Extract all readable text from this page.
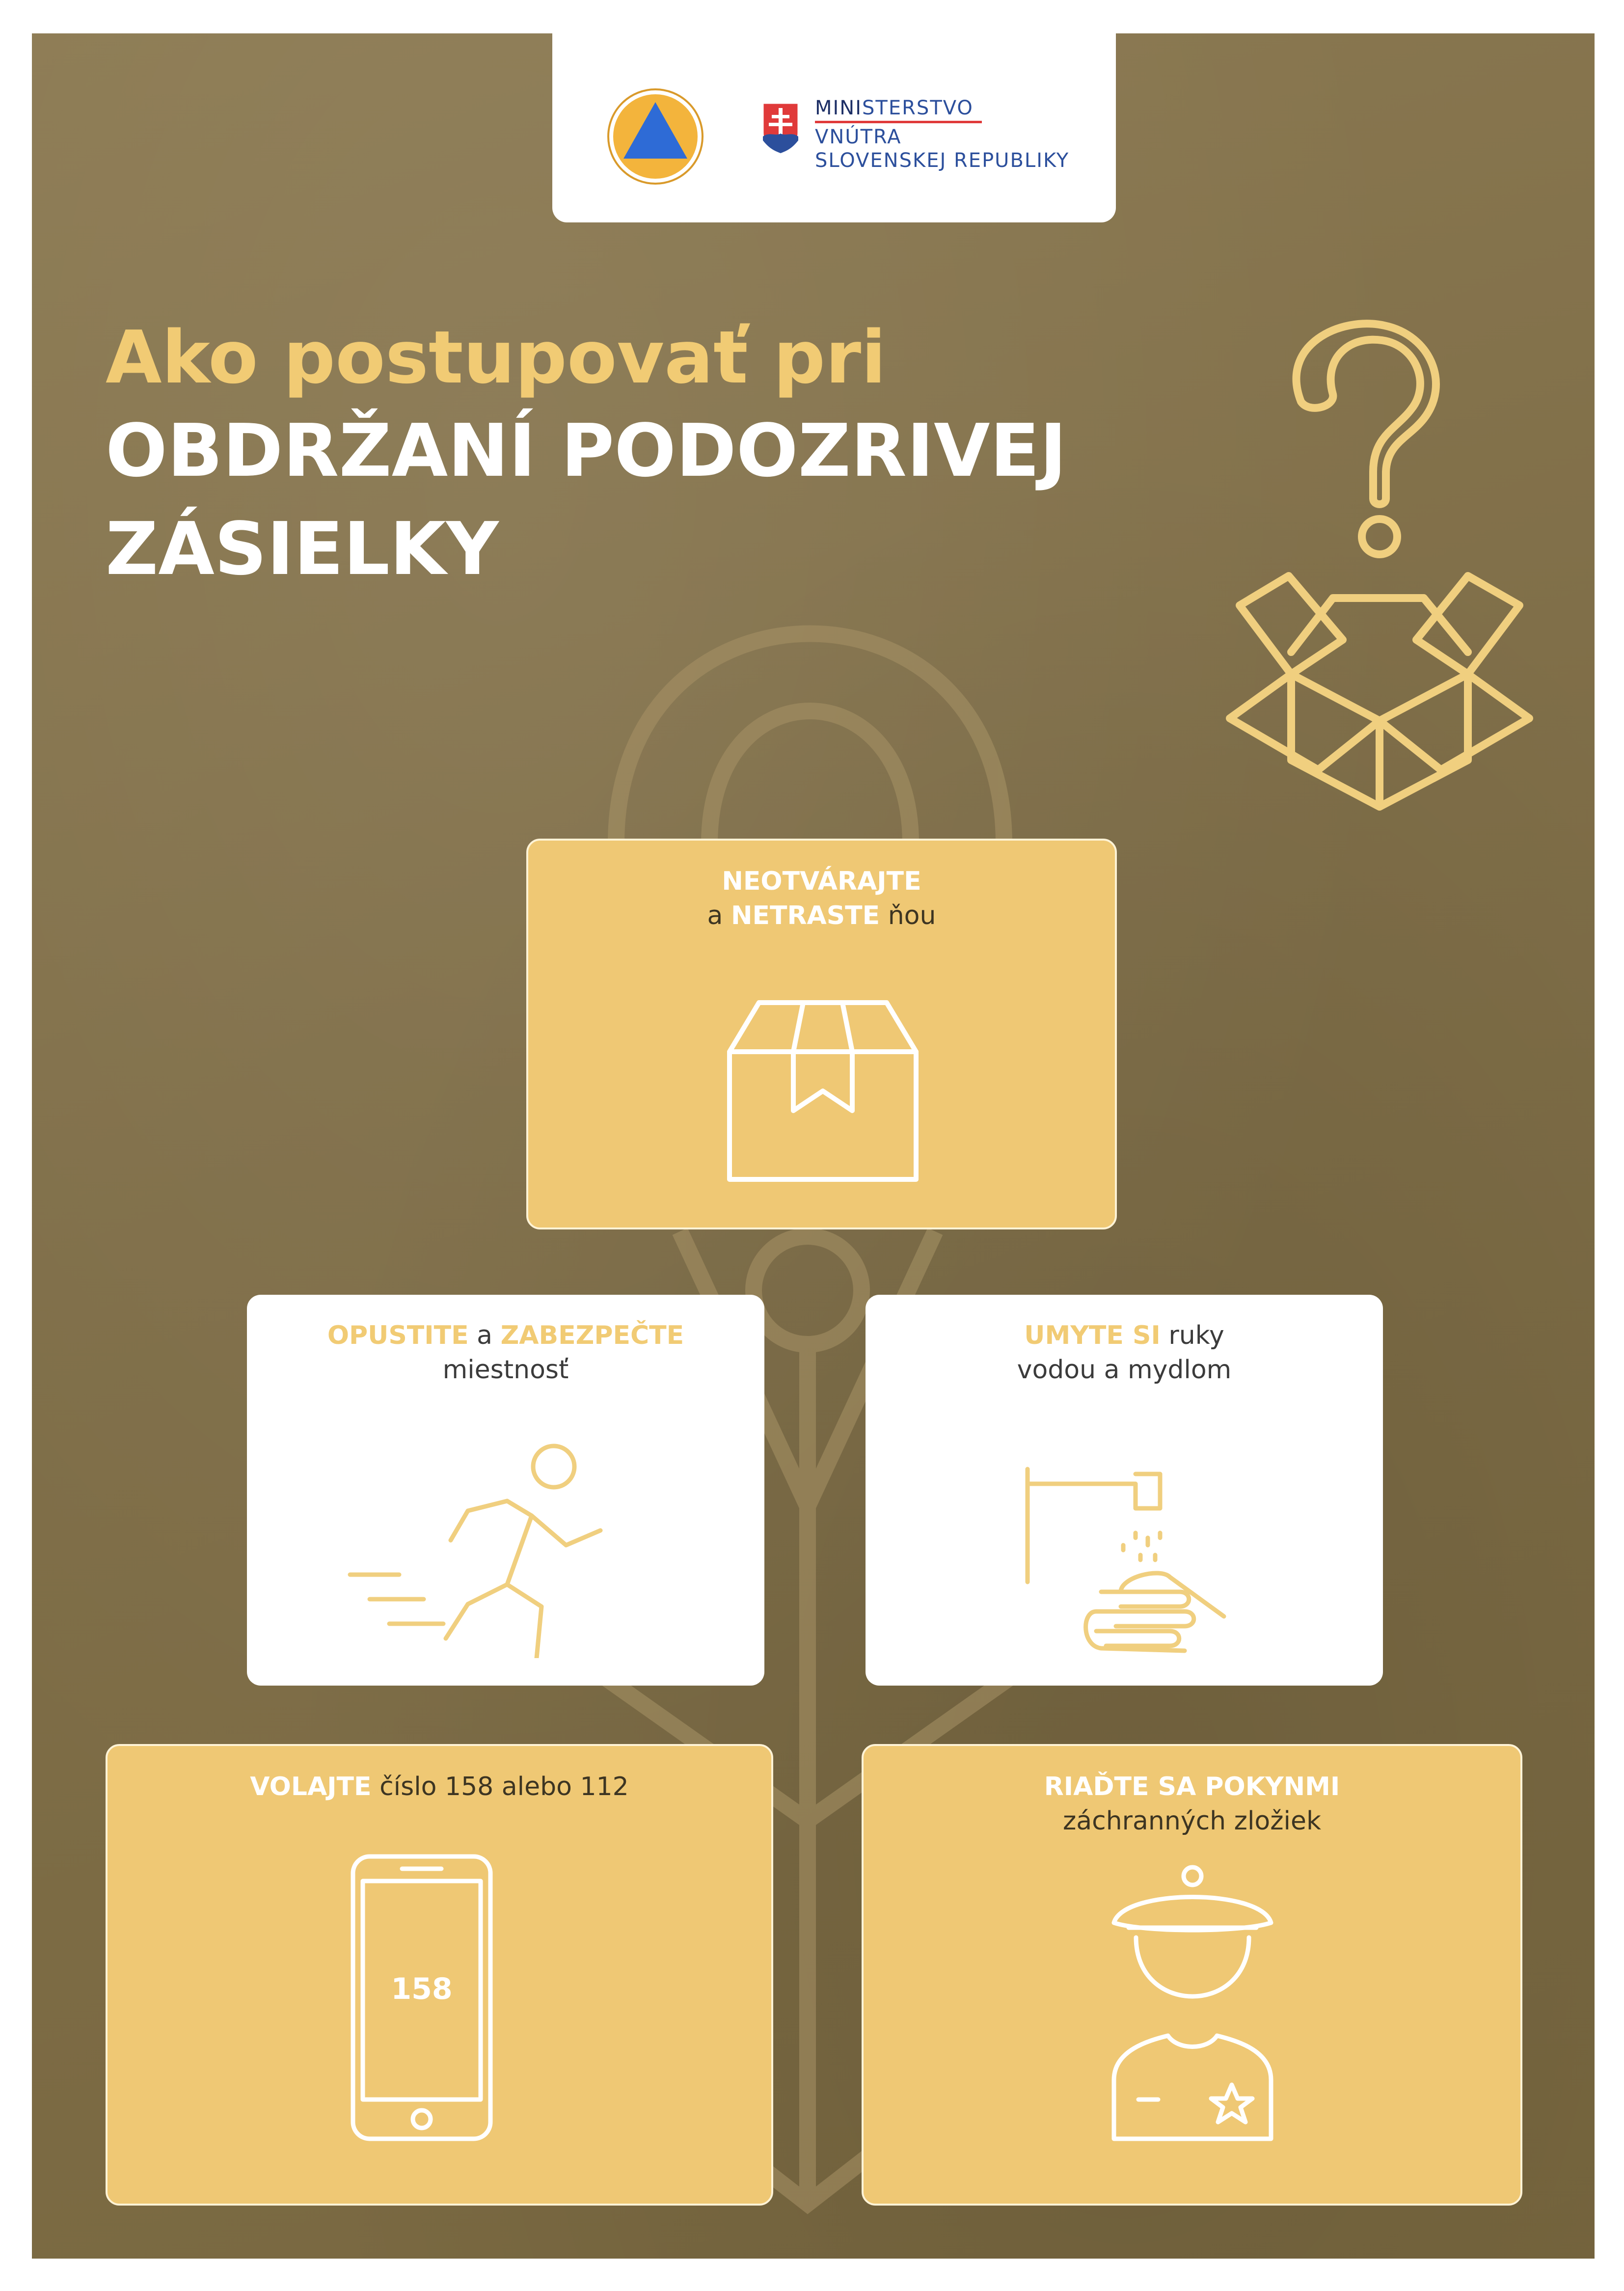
MINISTERSTVO
VNÚTRA
SLOVENSKEJ REPUBLIKY
Ako postupovať pri
OBDRŽANÍ PODOZRIVEJ
ZÁSIELKY
NEOTVÁRAJTE
a NETRASTE ňou
OPUSTITE a ZABEZPEČTE
miestnosť
UMYTE SI ruky
vodou a mydlom
VOLAJTE číslo 158 alebo 112
158
RIAĎTE SA POKYNMI
záchranných zložiek
